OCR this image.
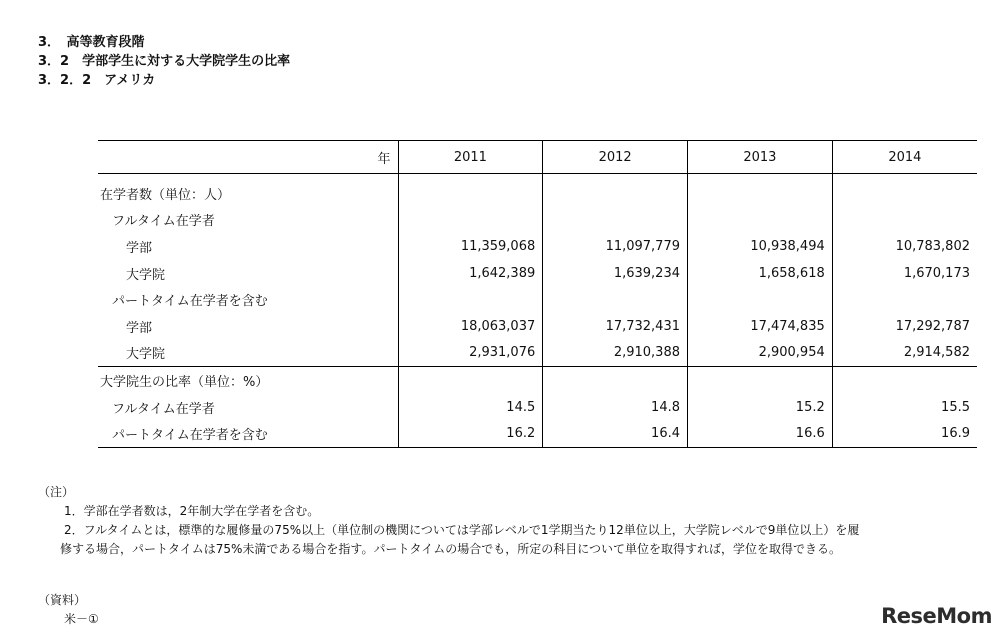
3．　高等教育段階
3．2　学部学生に対する大学院学生の比率
3．2．2　アメリカ
年	2011	2012	2013	2014

在学者数（単位：人）				
フルタイム在学者				
学部	11,359,068	11,097,779	10,938,494	10,783,802
大学院	1,642,389	1,639,234	1,658,618	1,670,173
パートタイム在学者を含む				
学部	18,063,037	17,732,431	17,474,835	17,292,787
大学院	2,931,076	2,910,388	2,900,954	2,914,582
大学院生の比率（単位：%）				
フルタイム在学者	14.5	14.8	15.2	15.5
パートタイム在学者を含む	16.2	16.4	16.6	16.9
（注）
1．学部在学者数は，2年制大学在学者を含む。
2．フルタイムとは，標準的な履修量の75%以上（単位制の機関については学部レベルで1学期当たり12単位以上，大学院レベルで9単位以上）を履
修する場合，パートタイムは75%未満である場合を指す。パートタイムの場合でも，所定の科目について単位を取得すれば，学位を取得できる。
（資料）
米－①	ReseMom
